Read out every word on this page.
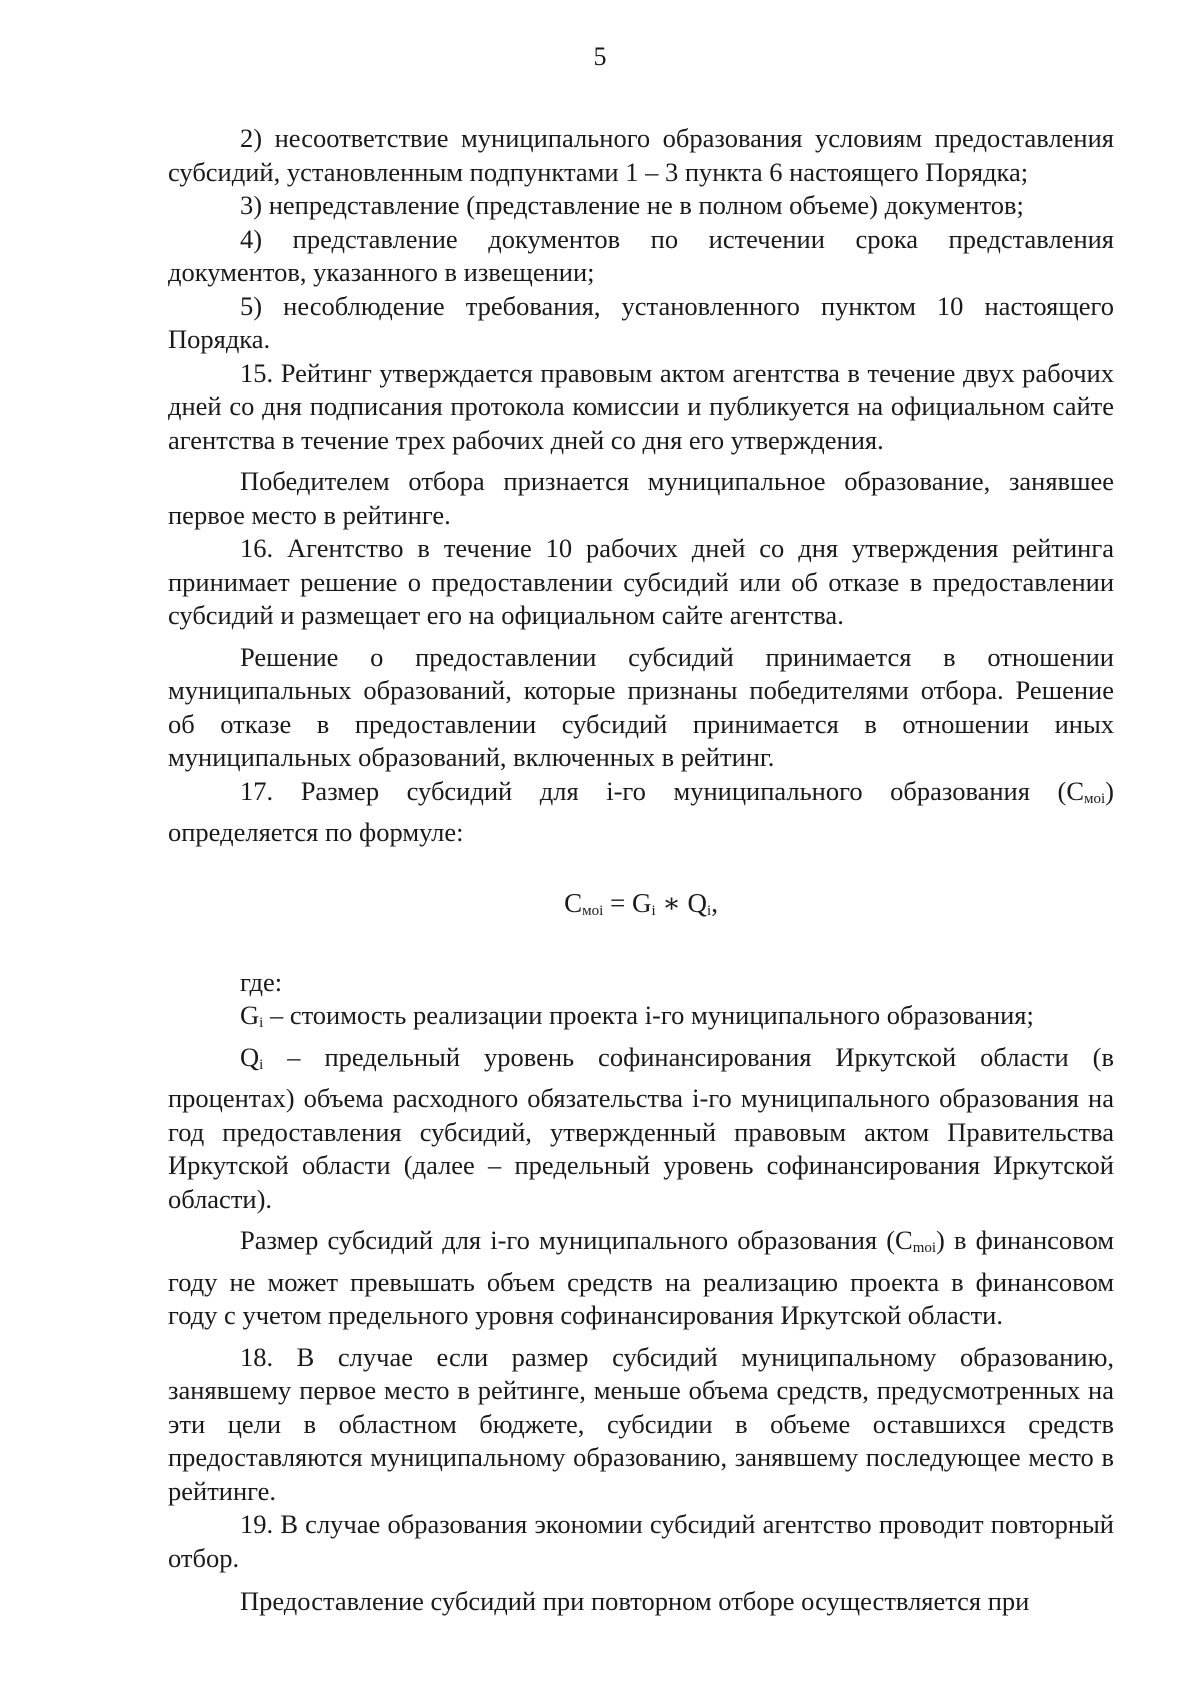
5

2) несоответствие муниципального образования условиям предоставления субсидий, установленным подпунктами 1 – 3 пункта 6 настоящего Порядка;

3) непредставление (представление не в полном объеме) документов;

4) представление документов по истечении срока представления документов, указанного в извещении;

5) несоблюдение требования, установленного пунктом 10 настоящего Порядка.

15. Рейтинг утверждается правовым актом агентства в течение двух рабочих дней со дня подписания протокола комиссии и публикуется на официальном сайте агентства в течение трех рабочих дней со дня его утверждения.

Победителем отбора признается муниципальное образование, занявшее первое место в рейтинге.

16. Агентство в течение 10 рабочих дней со дня утверждения рейтинга принимает решение о предоставлении субсидий или об отказе в предоставлении субсидий и размещает его на официальном сайте агентства.

Решение о предоставлении субсидий принимается в отношении муниципальных образований, которые признаны победителями отбора. Решение об отказе в предоставлении субсидий принимается в отношении иных муниципальных образований, включенных в рейтинг.

17. Размер субсидий для i-го муниципального образования $(С_{моi})$ определяется по формуле:

$С_{моi} = G_i$ ∗ $Q_i$,

где:

$G_i$ – стоимость реализации проекта i-го муниципального образования;

$Q_i$ – предельный уровень софинансирования Иркутской области (в процентах) объема расходного обязательства i-го муниципального образования на год предоставления субсидий, утвержденный правовым актом Правительства Иркутской области (далее – предельный уровень софинансирования Иркутской области).

Размер субсидий для i-го муниципального образования $(С_{moi})$ в финансовом году не может превышать объем средств на реализацию проекта в финансовом году с учетом предельного уровня софинансирования Иркутской области.

18. В случае если размер субсидий муниципальному образованию, занявшему первое место в рейтинге, меньше объема средств, предусмотренных на эти цели в областном бюджете, субсидии в объеме оставшихся средств предоставляются муниципальному образованию, занявшему последующее место в рейтинге.

19. В случае образования экономии субсидий агентство проводит повторный отбор.

Предоставление субсидий при повторном отборе осуществляется при
